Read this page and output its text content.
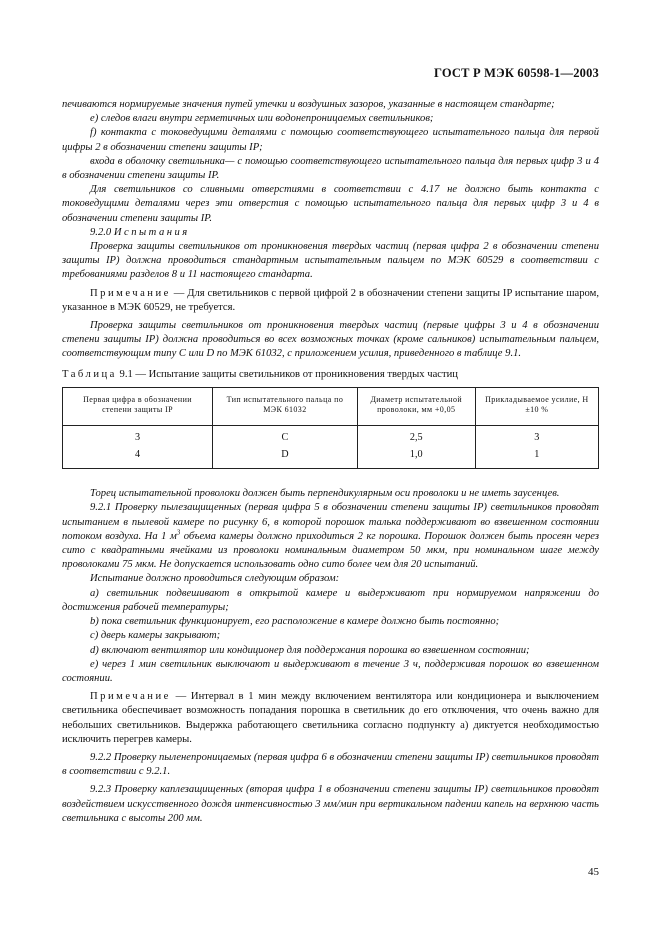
ГОСТ Р МЭК 60598-1—2003

печиваются нормируемые значения путей утечки и воздушных зазоров, указанные в настоящем стандарте;

е) следов влаги внутри герметичных или водонепроницаемых светильников;

f) контакта с токоведущими деталями с помощью соответствующего испытательного пальца для первой цифры 2 в обозначении степени защиты IP;

входа в оболочку светильника— с помощью соответствующего испытательного пальца для первых цифр 3 и 4 в обозначении степени защиты IP.

Для светильников со сливными отверстиями в соответствии с 4.17 не должно быть контакта с токоведущими деталями через эти отверстия с помощью испытательного пальца для первых цифр 3 и 4 в обозначении степени защиты IP.

9.2.0 Испытания

Проверка защиты светильников от проникновения твердых частиц (первая цифра 2 в обозначении степени защиты IP) должна проводиться стандартным испытательным пальцем по МЭК 60529 в соответствии с требованиями разделов 8 и 11 настоящего стандарта.

Примечание — Для светильников с первой цифрой 2 в обозначении степени защиты IP испытание шаром, указанное в МЭК 60529, не требуется.

Проверка защиты светильников от проникновения твердых частиц (первые цифры 3 и 4 в обозначении степени защиты IP) должна проводиться во всех возможных точках (кроме сальников) испытательным пальцем, соответствующим типу С или D по МЭК 61032, с приложением усилия, приведенного в таблице 9.1.

Таблица 9.1 — Испытание защиты светильников от проникновения твердых частиц

Первая цифра в обозначении степени защиты IP	Тип испытательного пальца по МЭК 61032	Диаметр испытательной проволоки, мм +0,05	Прикладываемое усилие, Н ±10 %
3	С	2,5	3
4	D	1,0	1

Торец испытательной проволоки должен быть перпендикулярным оси проволоки и не иметь заусенцев.

9.2.1 Проверку пылезащищенных (первая цифра 5 в обозначении степени защиты IP) светильников проводят испытанием в пылевой камере по рисунку 6, в которой порошок талька поддерживают во взвешенном состоянии потоком воздуха. На 1 $м^3$ объема камеры должно приходиться 2 кг порошка. Порошок должен быть просеян через сито с квадратными ячейками из проволоки номинальным диаметром 50 мкм, при номинальном шаге между проволоками 75 мкм. Не допускается использовать одно сито более чем для 20 испытаний.

Испытание должно проводиться следующим образом:

а) светильник подвешивают в открытой камере и выдерживают при нормируемом напряжении до достижения рабочей температуры;

b) пока светильник функционирует, его расположение в камере должно быть постоянно;

с) дверь камеры закрывают;

d) включают вентилятор или кондиционер для поддержания порошка во взвешенном состоянии;

е) через 1 мин светильник выключают и выдерживают в течение 3 ч, поддерживая порошок во взвешенном состоянии.

Примечание — Интервал в 1 мин между включением вентилятора или кондиционера и выключением светильника обеспечивает возможность попадания порошка в светильник до его отключения, что очень важно для небольших светильников. Выдержка работающего светильника согласно подпункту а) диктуется необходимостью исключить перегрев камеры.

9.2.2 Проверку пыленепроницаемых (первая цифра 6 в обозначении степени защиты IP) светильников проводят в соответствии с 9.2.1.

9.2.3 Проверку каплезащищенных (вторая цифра 1 в обозначении степени защиты IP) светильников проводят воздействием искусственного дождя интенсивностью 3 мм/мин при вертикальном падении капель на верхнюю часть светильника с высоты 200 мм.

45
